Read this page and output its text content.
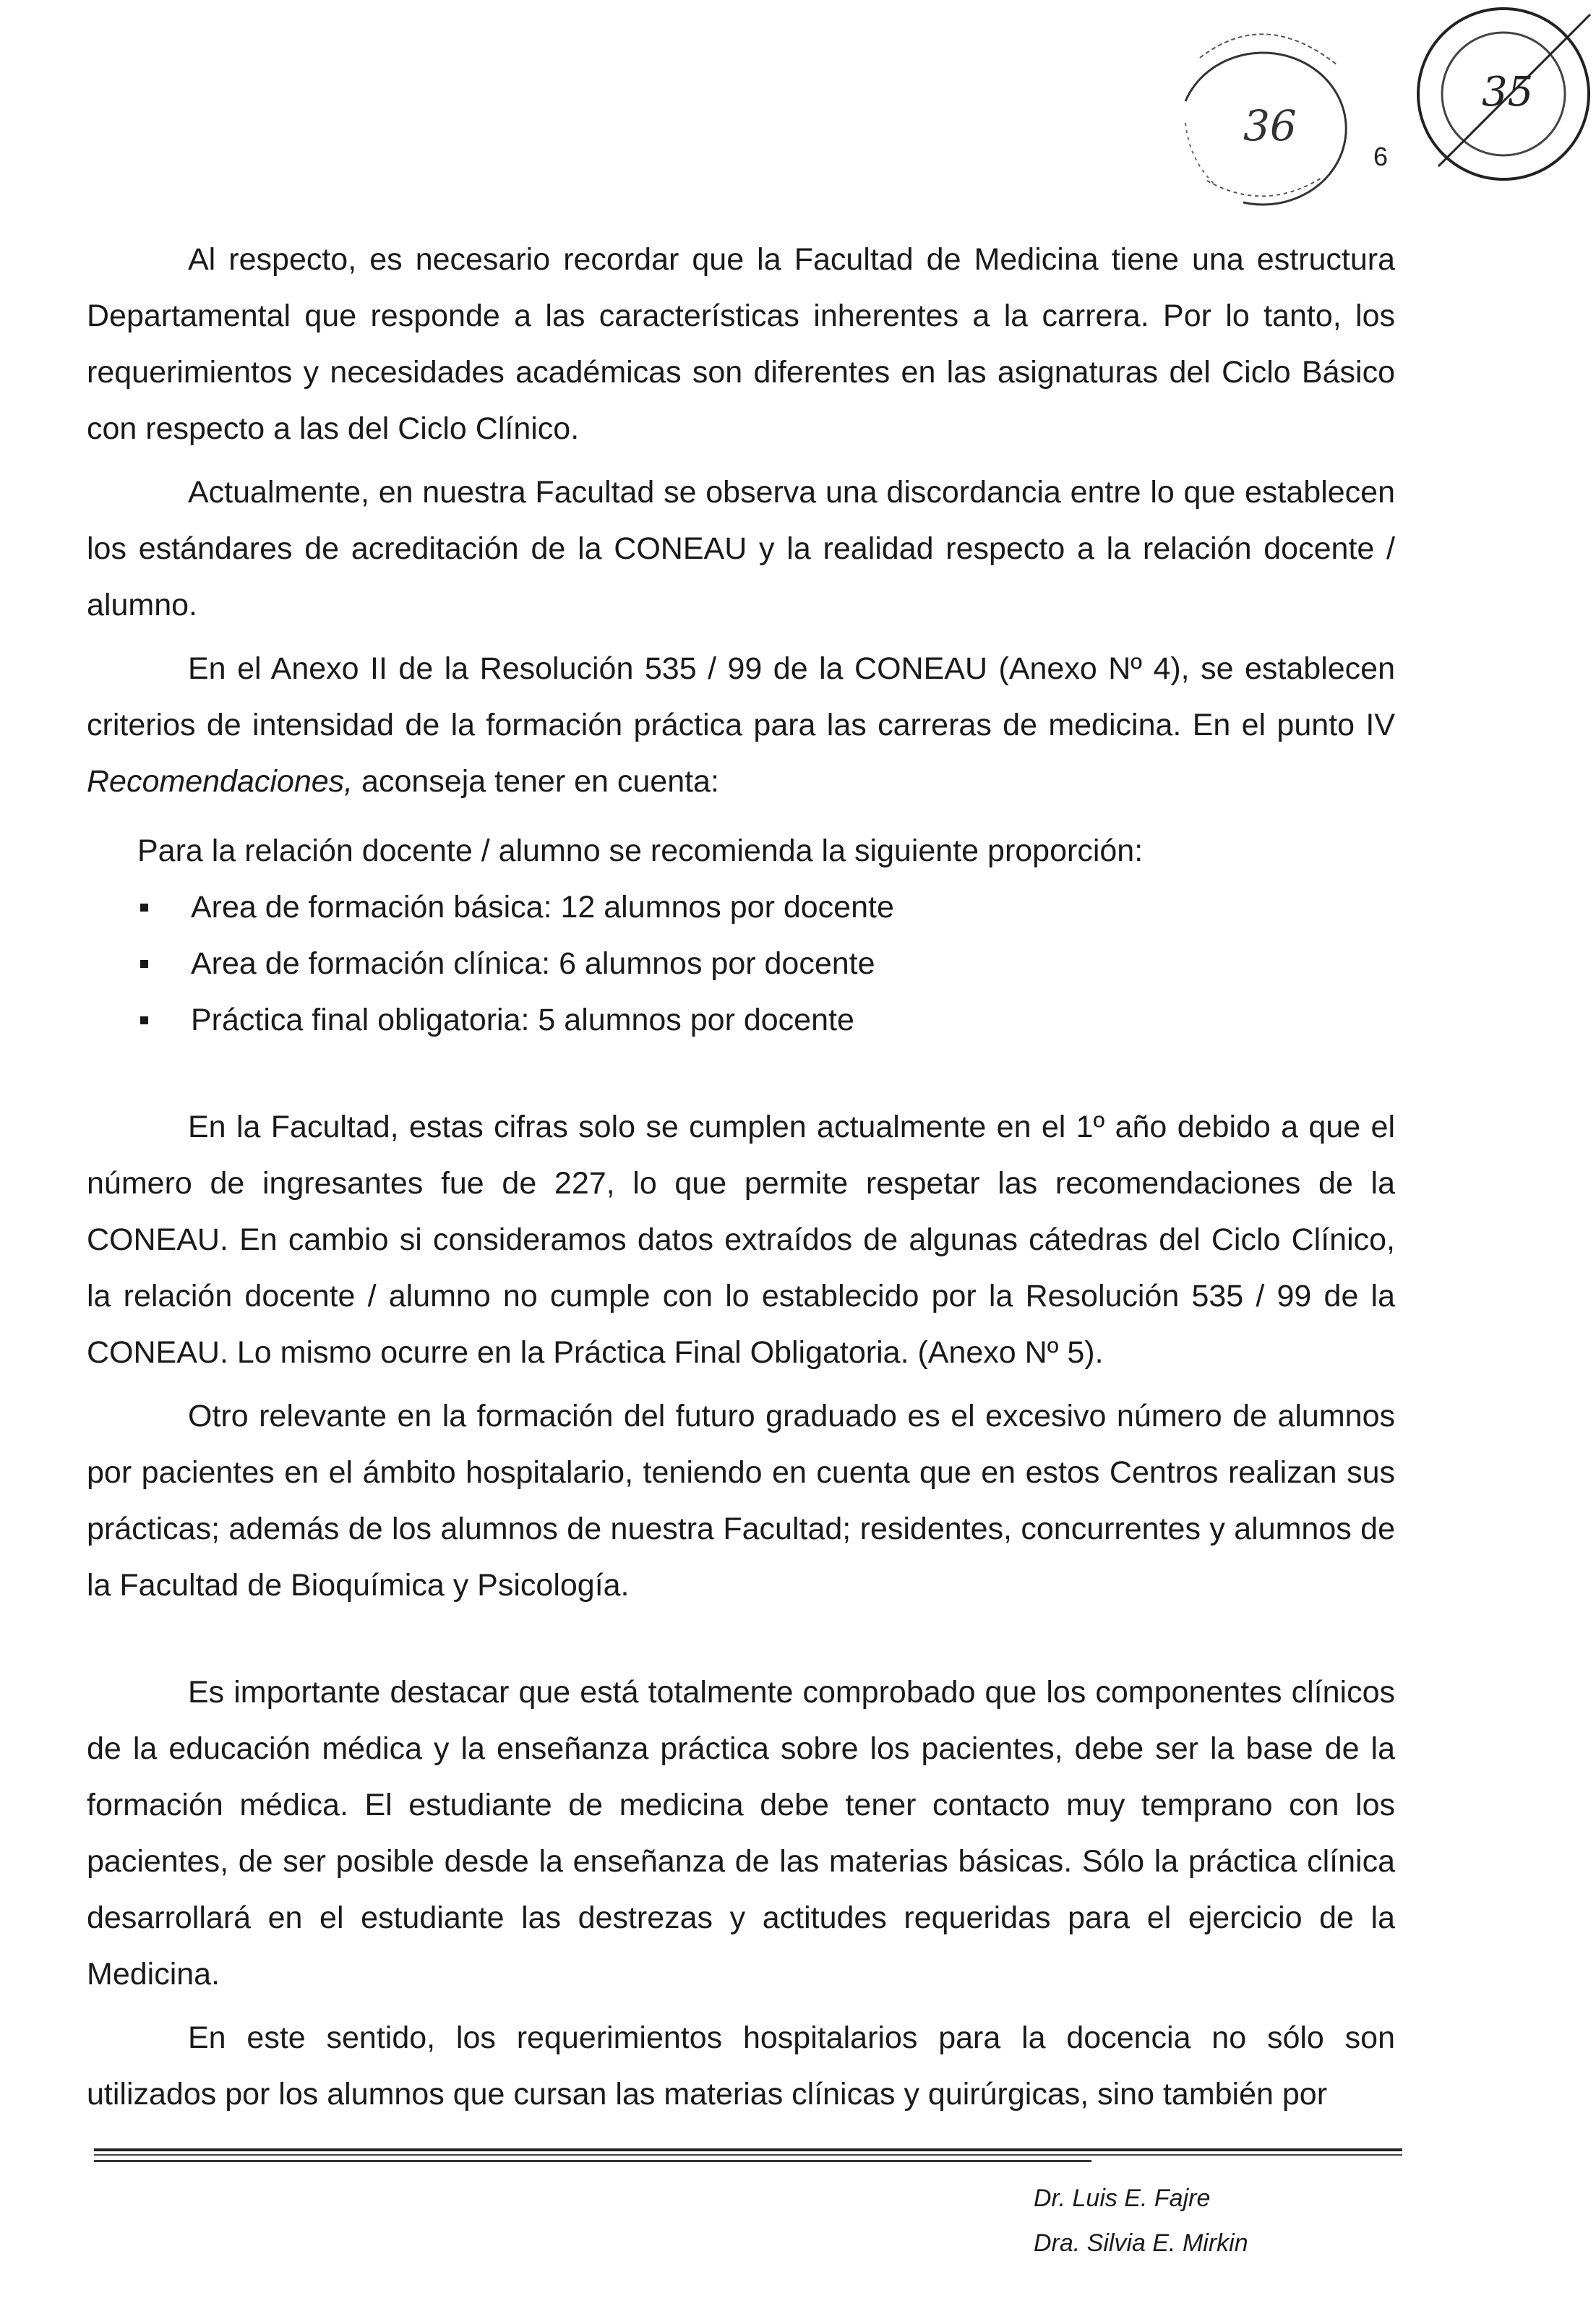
36
35
6

Al respecto, es necesario recordar que la Facultad de Medicina tiene una estructura Departamental que responde a las características inherentes a la carrera. Por lo tanto, los requerimientos y necesidades académicas son diferentes en las asignaturas del Ciclo Básico con respecto a las del Ciclo Clínico.

Actualmente, en nuestra Facultad se observa una discordancia entre lo que establecen los estándares de acreditación de la CONEAU y la realidad respecto a la relación docente / alumno.

En el Anexo II de la Resolución 535 / 99 de la CONEAU (Anexo Nº 4), se establecen criterios de intensidad de la formación práctica para las carreras de medicina. En el punto IV Recomendaciones, aconseja tener en cuenta:

Para la relación docente / alumno se recomienda la siguiente proporción:

Area de formación básica: 12 alumnos por docente
Area de formación clínica: 6 alumnos por docente
Práctica final obligatoria: 5 alumnos por docente

En la Facultad, estas cifras solo se cumplen actualmente en el 1º año debido a que el número de ingresantes fue de 227, lo que permite respetar las recomendaciones de la CONEAU. En cambio si consideramos datos extraídos de algunas cátedras del Ciclo Clínico, la relación docente / alumno no cumple con lo establecido por la Resolución 535 / 99 de la CONEAU. Lo mismo ocurre en la Práctica Final Obligatoria. (Anexo Nº 5).

Otro relevante en la formación del futuro graduado es el excesivo número de alumnos por pacientes en el ámbito hospitalario, teniendo en cuenta que en estos Centros realizan sus prácticas; además de los alumnos de nuestra Facultad; residentes, concurrentes y alumnos de la Facultad de Bioquímica y Psicología.

Es importante destacar que está totalmente comprobado que los componentes clínicos de la educación médica y la enseñanza práctica sobre los pacientes, debe ser la base de la formación médica. El estudiante de medicina debe tener contacto muy temprano con los pacientes, de ser posible desde la enseñanza de las materias básicas. Sólo la práctica clínica desarrollará en el estudiante las destrezas y actitudes requeridas para el ejercicio de la Medicina.

En este sentido, los requerimientos hospitalarios para la docencia no sólo son utilizados por los alumnos que cursan las materias clínicas y quirúrgicas, sino también por

Dr. Luis E. Fajre
Dra. Silvia E. Mirkin
